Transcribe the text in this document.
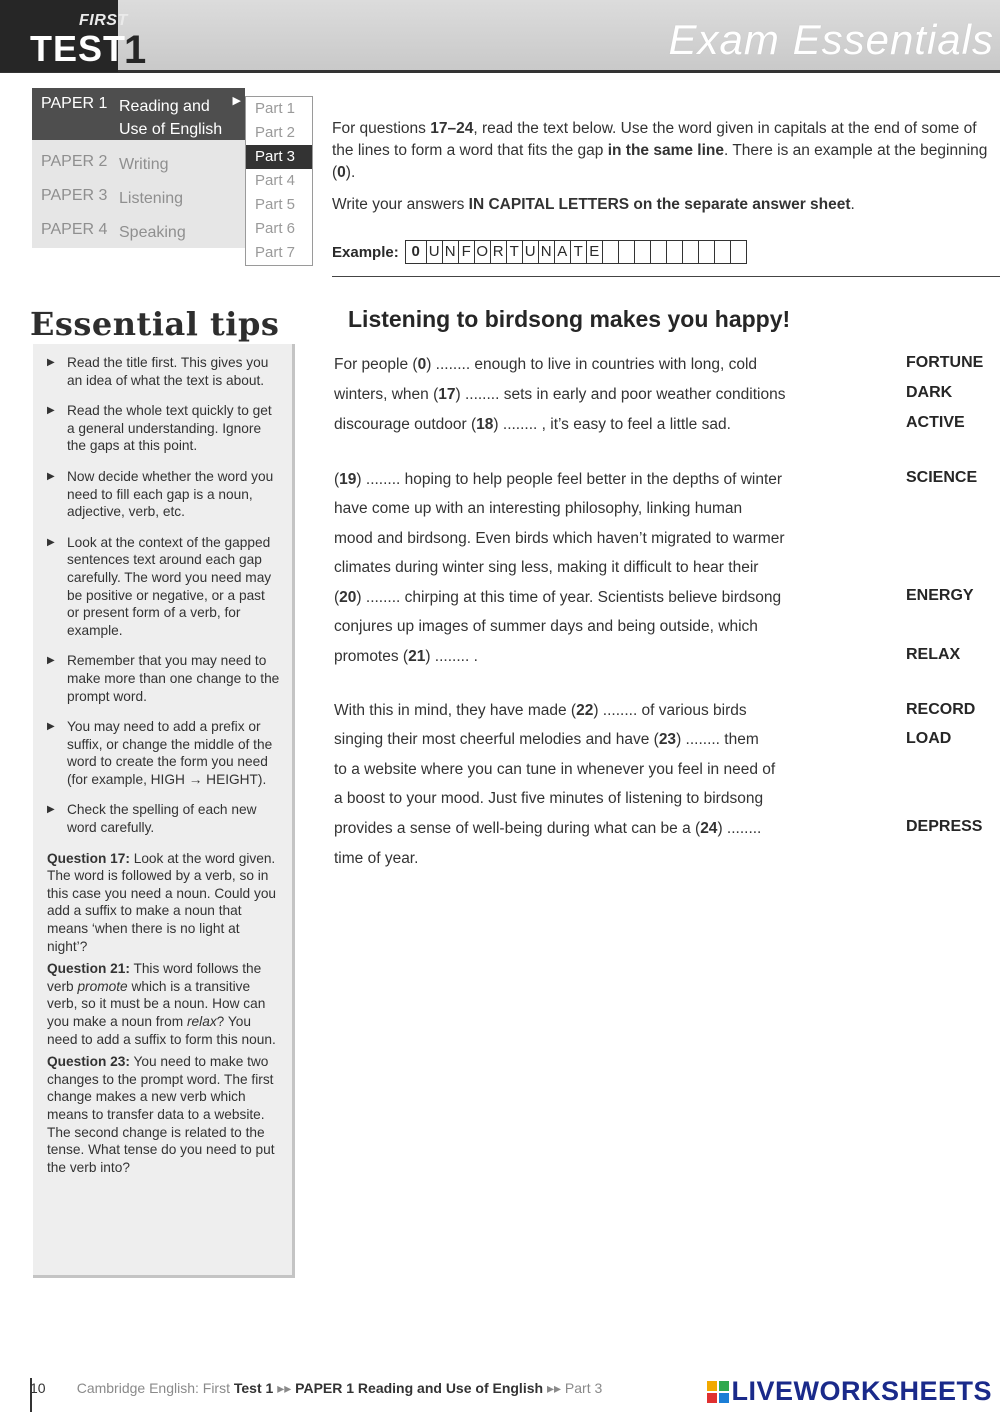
FIRST
TEST
1	Exam Essentials
PAPER 1 Reading and Use of English
▶
PAPER 2 Writing
PAPER 3 Listening
PAPER 4 Speaking
Part 1
Part 2
Part 3
Part 4
Part 5
Part 6
Part 7

For questions 17–24, read the text below. Use the word given in capitals at the end of some of the lines to form a word that fits the gap in the same line. There is an example at the beginning (0).

Write your answers IN CAPITAL LETTERS on the separate answer sheet.

Example: 0 U N F O R T U N A T E
Essential tips
▶ Read the title first. This gives you an idea of what the text is about.
▶ Read the whole text quickly to get a general understanding. Ignore the gaps at this point.
▶ Now decide whether the word you need to fill each gap is a noun, adjective, verb, etc.
▶ Look at the context of the gapped sentences text around each gap carefully. The word you need may be positive or negative, or a past or present form of a verb, for example.
▶ Remember that you may need to make more than one change to the prompt word.
▶ You may need to add a prefix or suffix, or change the middle of the word to create the form you need (for example, HIGH → HEIGHT).
▶ Check the spelling of each new word carefully.
Question 17: Look at the word given. The word is followed by a verb, so in this case you need a noun. Could you add a suffix to make a noun that means ‘when there is no light at night’?
Question 21: This word follows the verb promote which is a transitive verb, so it must be a noun. How can you make a noun from relax? You need to add a suffix to form this noun.
Question 23: You need to make two changes to the prompt word. The first change makes a new verb which means to transfer data to a website. The second change is related to the tense. What tense do you need to put the verb into?
Listening to birdsong makes you happy!
For people (0) ........ enough to live in countries with long, cold
winters, when (17) ........ sets in early and poor weather conditions
discourage outdoor (18) ........ , it’s easy to feel a little sad.
(19) ........ hoping to help people feel better in the depths of winter
have come up with an interesting philosophy, linking human
mood and birdsong. Even birds which haven’t migrated to warmer
climates during winter sing less, making it difficult to hear their
(20) ........ chirping at this time of year. Scientists believe birdsong
conjures up images of summer days and being outside, which
promotes (21) ........ .
With this in mind, they have made (22) ........ of various birds
singing their most cheerful melodies and have (23) ........ them
to a website where you can tune in whenever you feel in need of
a boost to your mood. Just five minutes of listening to birdsong
provides a sense of well-being during what can be a (24) ........
time of year.
FORTUNE
DARK
ACTIVE
SCIENCE
ENERGY
RELAX
RECORD
LOAD
DEPRESS
10 Cambridge English: First Test 1 ▸▸ PAPER 1 Reading and Use of English ▸▸ Part 3	LIVEWORKSHEETS
